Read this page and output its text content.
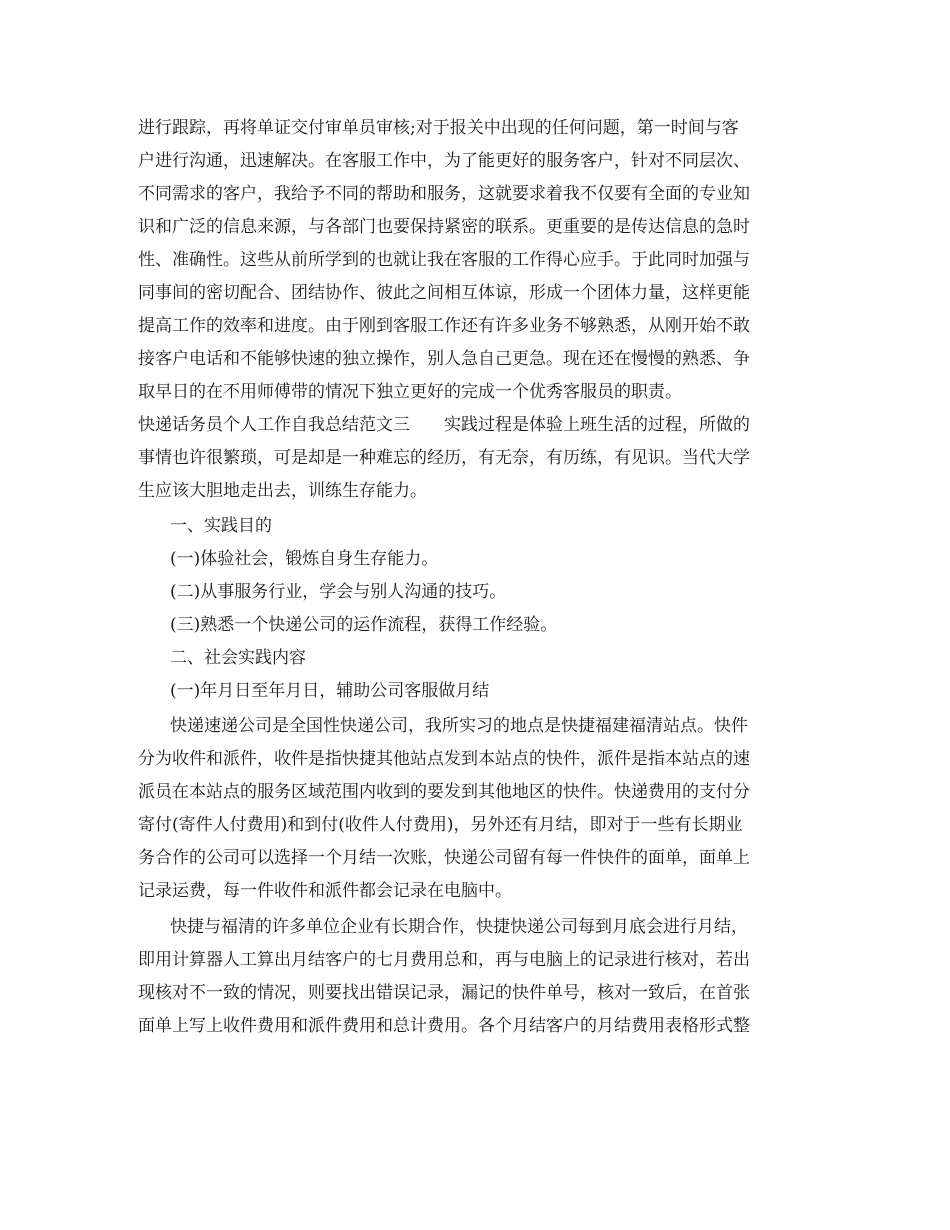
进行跟踪，再将单证交付审单员审核;对于报关中出现的任何问题，第一时间与客
户进行沟通，迅速解决。在客服工作中，为了能更好的服务客户，针对不同层次、
不同需求的客户，我给予不同的帮助和服务，这就要求着我不仅要有全面的专业知
识和广泛的信息来源，与各部门也要保持紧密的联系。更重要的是传达信息的急时
性、准确性。这些从前所学到的也就让我在客服的工作得心应手。于此同时加强与
同事间的密切配合、团结协作、彼此之间相互体谅，形成一个团体力量，这样更能
提高工作的效率和进度。由于刚到客服工作还有许多业务不够熟悉，从刚开始不敢
接客户电话和不能够快速的独立操作，别人急自己更急。现在还在慢慢的熟悉、争
取早日的在不用师傅带的情况下独立更好的完成一个优秀客服员的职责。
快递话务员个人工作自我总结范文三　　实践过程是体验上班生活的过程，所做的
事情也许很繁琐，可是却是一种难忘的经历，有无奈，有历练，有见识。当代大学
生应该大胆地走出去，训练生存能力。
一、实践目的
(一)体验社会，锻炼自身生存能力。
(二)从事服务行业，学会与别人沟通的技巧。
(三)熟悉一个快递公司的运作流程，获得工作经验。
二、社会实践内容
(一)年月日至年月日，辅助公司客服做月结
快递速递公司是全国性快递公司，我所实习的地点是快捷福建福清站点。快件
分为收件和派件，收件是指快捷其他站点发到本站点的快件，派件是指本站点的速
派员在本站点的服务区域范围内收到的要发到其他地区的快件。快递费用的支付分
寄付(寄件人付费用)和到付(收件人付费用)，另外还有月结，即对于一些有长期业
务合作的公司可以选择一个月结一次账，快递公司留有每一件快件的面单，面单上
记录运费，每一件收件和派件都会记录在电脑中。
快捷与福清的许多单位企业有长期合作，快捷快递公司每到月底会进行月结，
即用计算器人工算出月结客户的七月费用总和，再与电脑上的记录进行核对，若出
现核对不一致的情况，则要找出错误记录，漏记的快件单号，核对一致后，在首张
面单上写上收件费用和派件费用和总计费用。各个月结客户的月结费用表格形式整
